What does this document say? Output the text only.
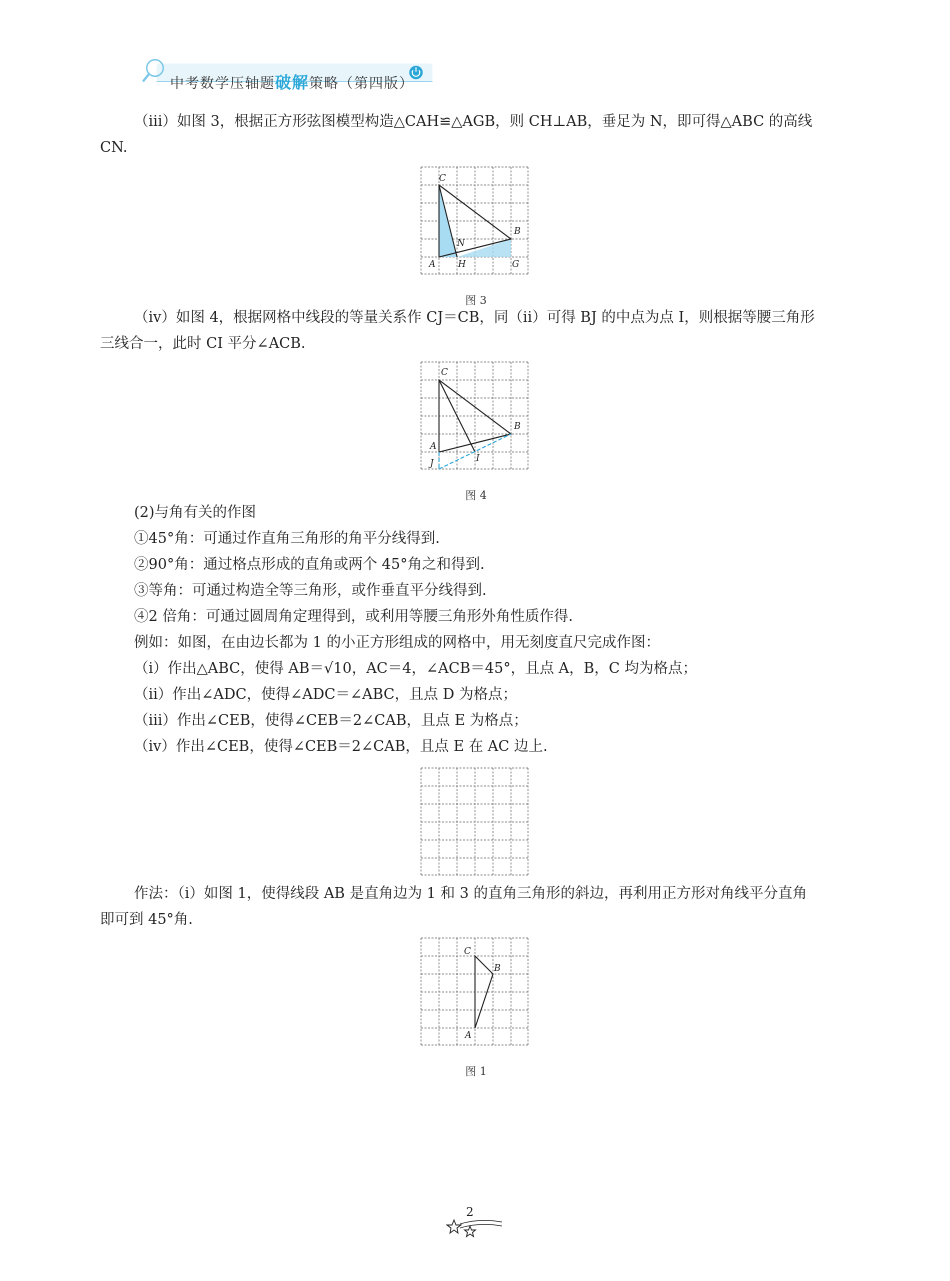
中考数学压轴题破解策略（第四版）

（ⅲ）如图 3，根据正方形弦图模型构造△CAH≌△AGB，则 CH⊥AB，垂足为 N，即可得△ABC 的高线

CN.

C
B
N
A	H	G
图 3

（ⅳ）如图 4，根据网格中线段的等量关系作 CJ＝CB，同（ⅱ）可得 BJ 的中点为点 I，则根据等腰三角形

三线合一，此时 CI 平分∠ACB.

C
B
A
J	I
图 4

(2)与角有关的作图

①45°角：可通过作直角三角形的角平分线得到.

②90°角：通过格点形成的直角或两个 45°角之和得到.

③等角：可通过构造全等三角形，或作垂直平分线得到.

④2 倍角：可通过圆周角定理得到，或利用等腰三角形外角性质作得.

例如：如图，在由边长都为 1 的小正方形组成的网格中，用无刻度直尺完成作图：

（ⅰ）作出△ABC，使得 AB＝√10，AC＝4，∠ACB＝45°，且点 A，B，C 均为格点；

（ⅱ）作出∠ADC，使得∠ADC＝∠ABC，且点 D 为格点；

（ⅲ）作出∠CEB，使得∠CEB＝2∠CAB，且点 E 为格点；

（ⅳ）作出∠CEB，使得∠CEB＝2∠CAB，且点 E 在 AC 边上.

作法：（ⅰ）如图 1，使得线段 AB 是直角边为 1 和 3 的直角三角形的斜边，再利用正方形对角线平分直角

即可到 45°角.

C
B
A
图 1
2
